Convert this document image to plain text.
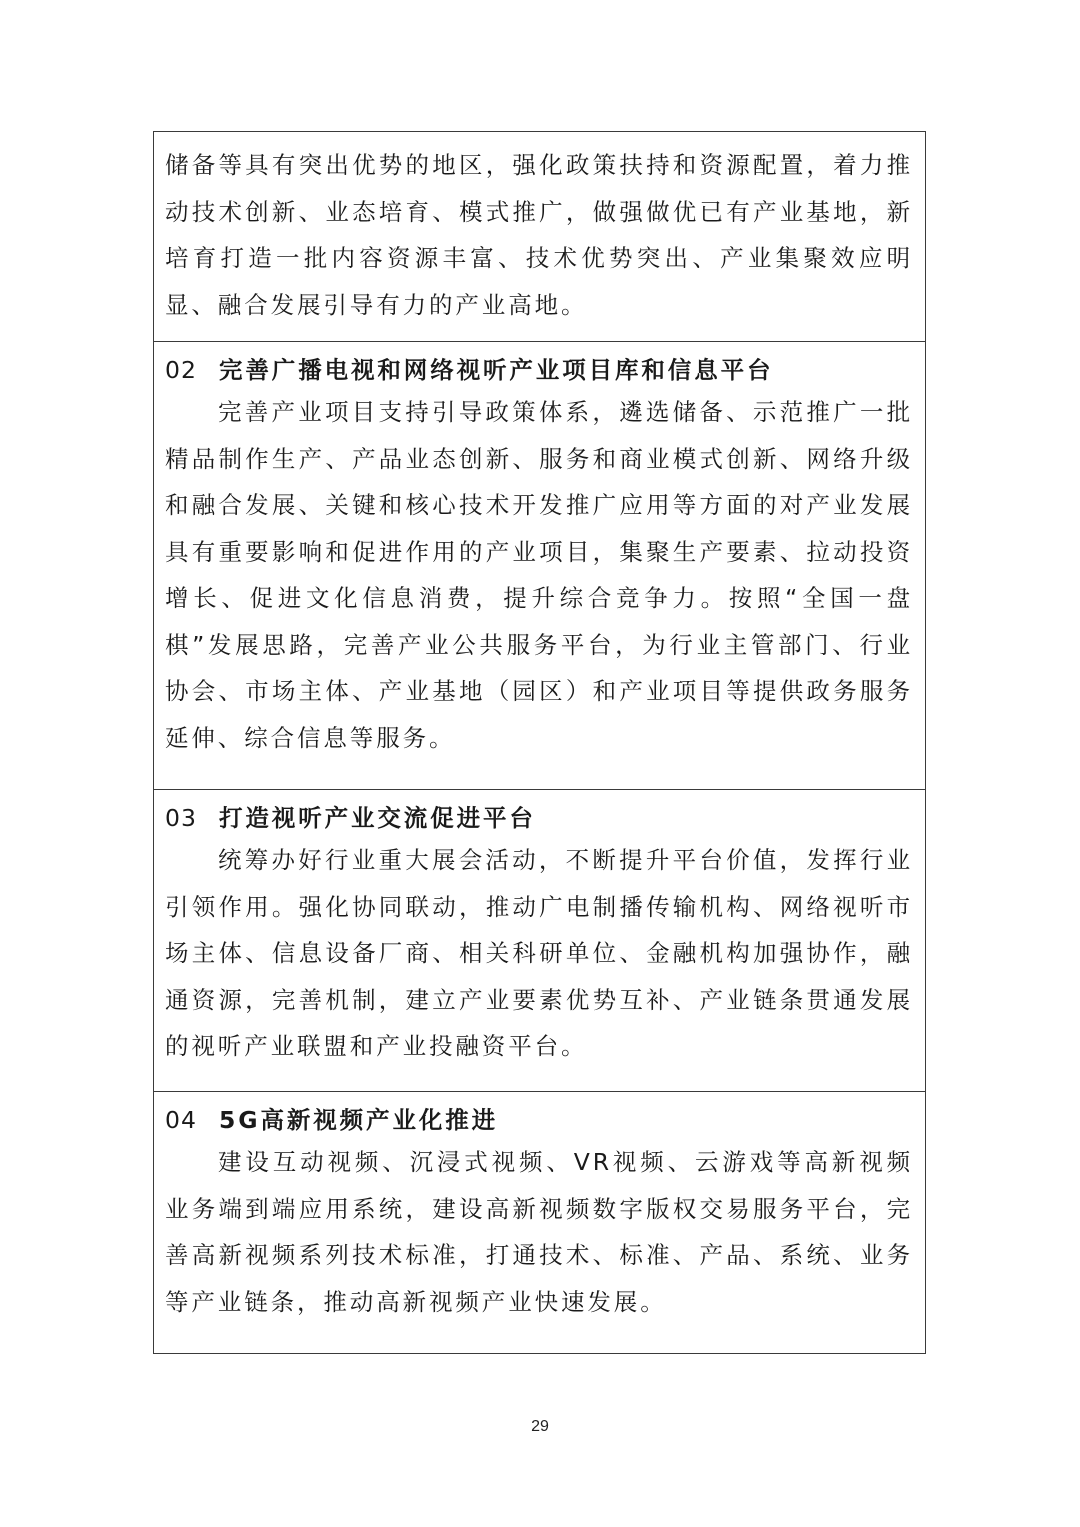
储备等具有突出优势的地区，强化政策扶持和资源配置，着力推动技术创新、业态培育、模式推广，做强做优已有产业基地，新培育打造一批内容资源丰富、技术优势突出、产业集聚效应明显、融合发展引导有力的产业高地。

02 完善广播电视和网络视听产业项目库和信息平台

完善产业项目支持引导政策体系，遴选储备、示范推广一批精品制作生产、产品业态创新、服务和商业模式创新、网络升级和融合发展、关键和核心技术开发推广应用等方面的对产业发展具有重要影响和促进作用的产业项目，集聚生产要素、拉动投资增长、促进文化信息消费，提升综合竞争力。按照“全国一盘棋”发展思路，完善产业公共服务平台，为行业主管部门、行业协会、市场主体、产业基地（园区）和产业项目等提供政务服务延伸、综合信息等服务。

03 打造视听产业交流促进平台

统筹办好行业重大展会活动，不断提升平台价值，发挥行业引领作用。强化协同联动，推动广电制播传输机构、网络视听市场主体、信息设备厂商、相关科研单位、金融机构加强协作，融通资源，完善机制，建立产业要素优势互补、产业链条贯通发展的视听产业联盟和产业投融资平台。

04 5G高新视频产业化推进

建设互动视频、沉浸式视频、VR视频、云游戏等高新视频业务端到端应用系统，建设高新视频数字版权交易服务平台，完善高新视频系列技术标准，打通技术、标准、产品、系统、业务等产业链条，推动高新视频产业快速发展。

29
